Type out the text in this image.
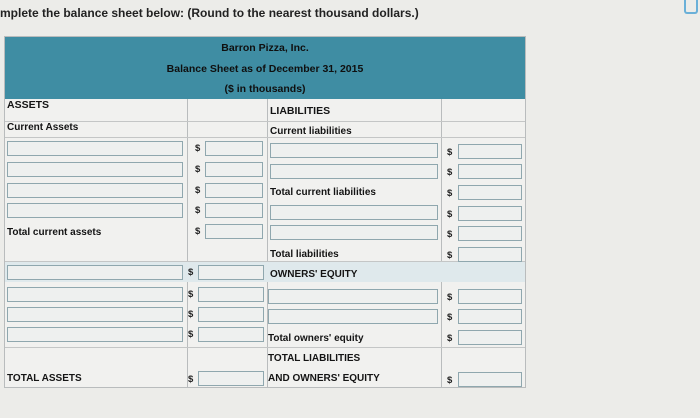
mplete the balance sheet below: (Round to the nearest thousand dollars.)
Barron Pizza, Inc.
Balance Sheet as of December 31, 2015
($ in thousands)
ASSETS
Current Assets
LIABILITIES
Current liabilities
$
$
$
$
$
Total current assets
Total current liabilities
$
$
$
$
$
$
Total liabilities
OWNERS' EQUITY
$
$
$
$
$
$
$
Total owners' equity
TOTAL LIABILITIES
AND OWNERS' EQUITY
TOTAL ASSETS	$	$
